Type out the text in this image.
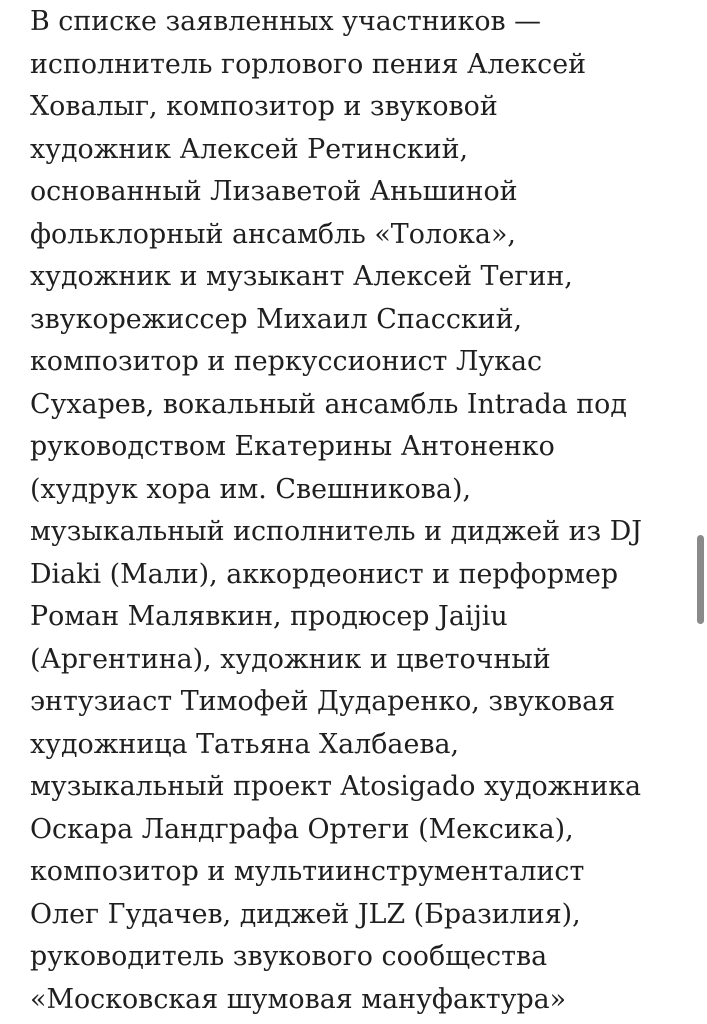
В списке заявленных участников —
исполнитель горлового пения Алексей
Ховалыг, композитор и звуковой
художник Алексей Ретинский,
основанный Лизаветой Аньшиной
фольклорный ансамбль «Толока»,
художник и музыкант Алексей Тегин,
звукорежиссер Михаил Спасский,
композитор и перкуссионист Лукас
Сухарев, вокальный ансамбль Intrada под
руководством Екатерины Антоненко
(худрук хора им. Свешникова),
музыкальный исполнитель и диджей из DJ
Diaki (Мали), аккордеонист и перформер
Роман Малявкин, продюсер Jaijiu
(Аргентина), художник и цветочный
энтузиаст Тимофей Дударенко, звуковая
художница Татьяна Халбаева,
музыкальный проект Atosigado художника
Оскара Ландграфа Ортеги (Мексика),
композитор и мультиинструменталист
Олег Гудачев, диджей JLZ (Бразилия),
руководитель звукового сообщества
«Московская шумовая мануфактура»
